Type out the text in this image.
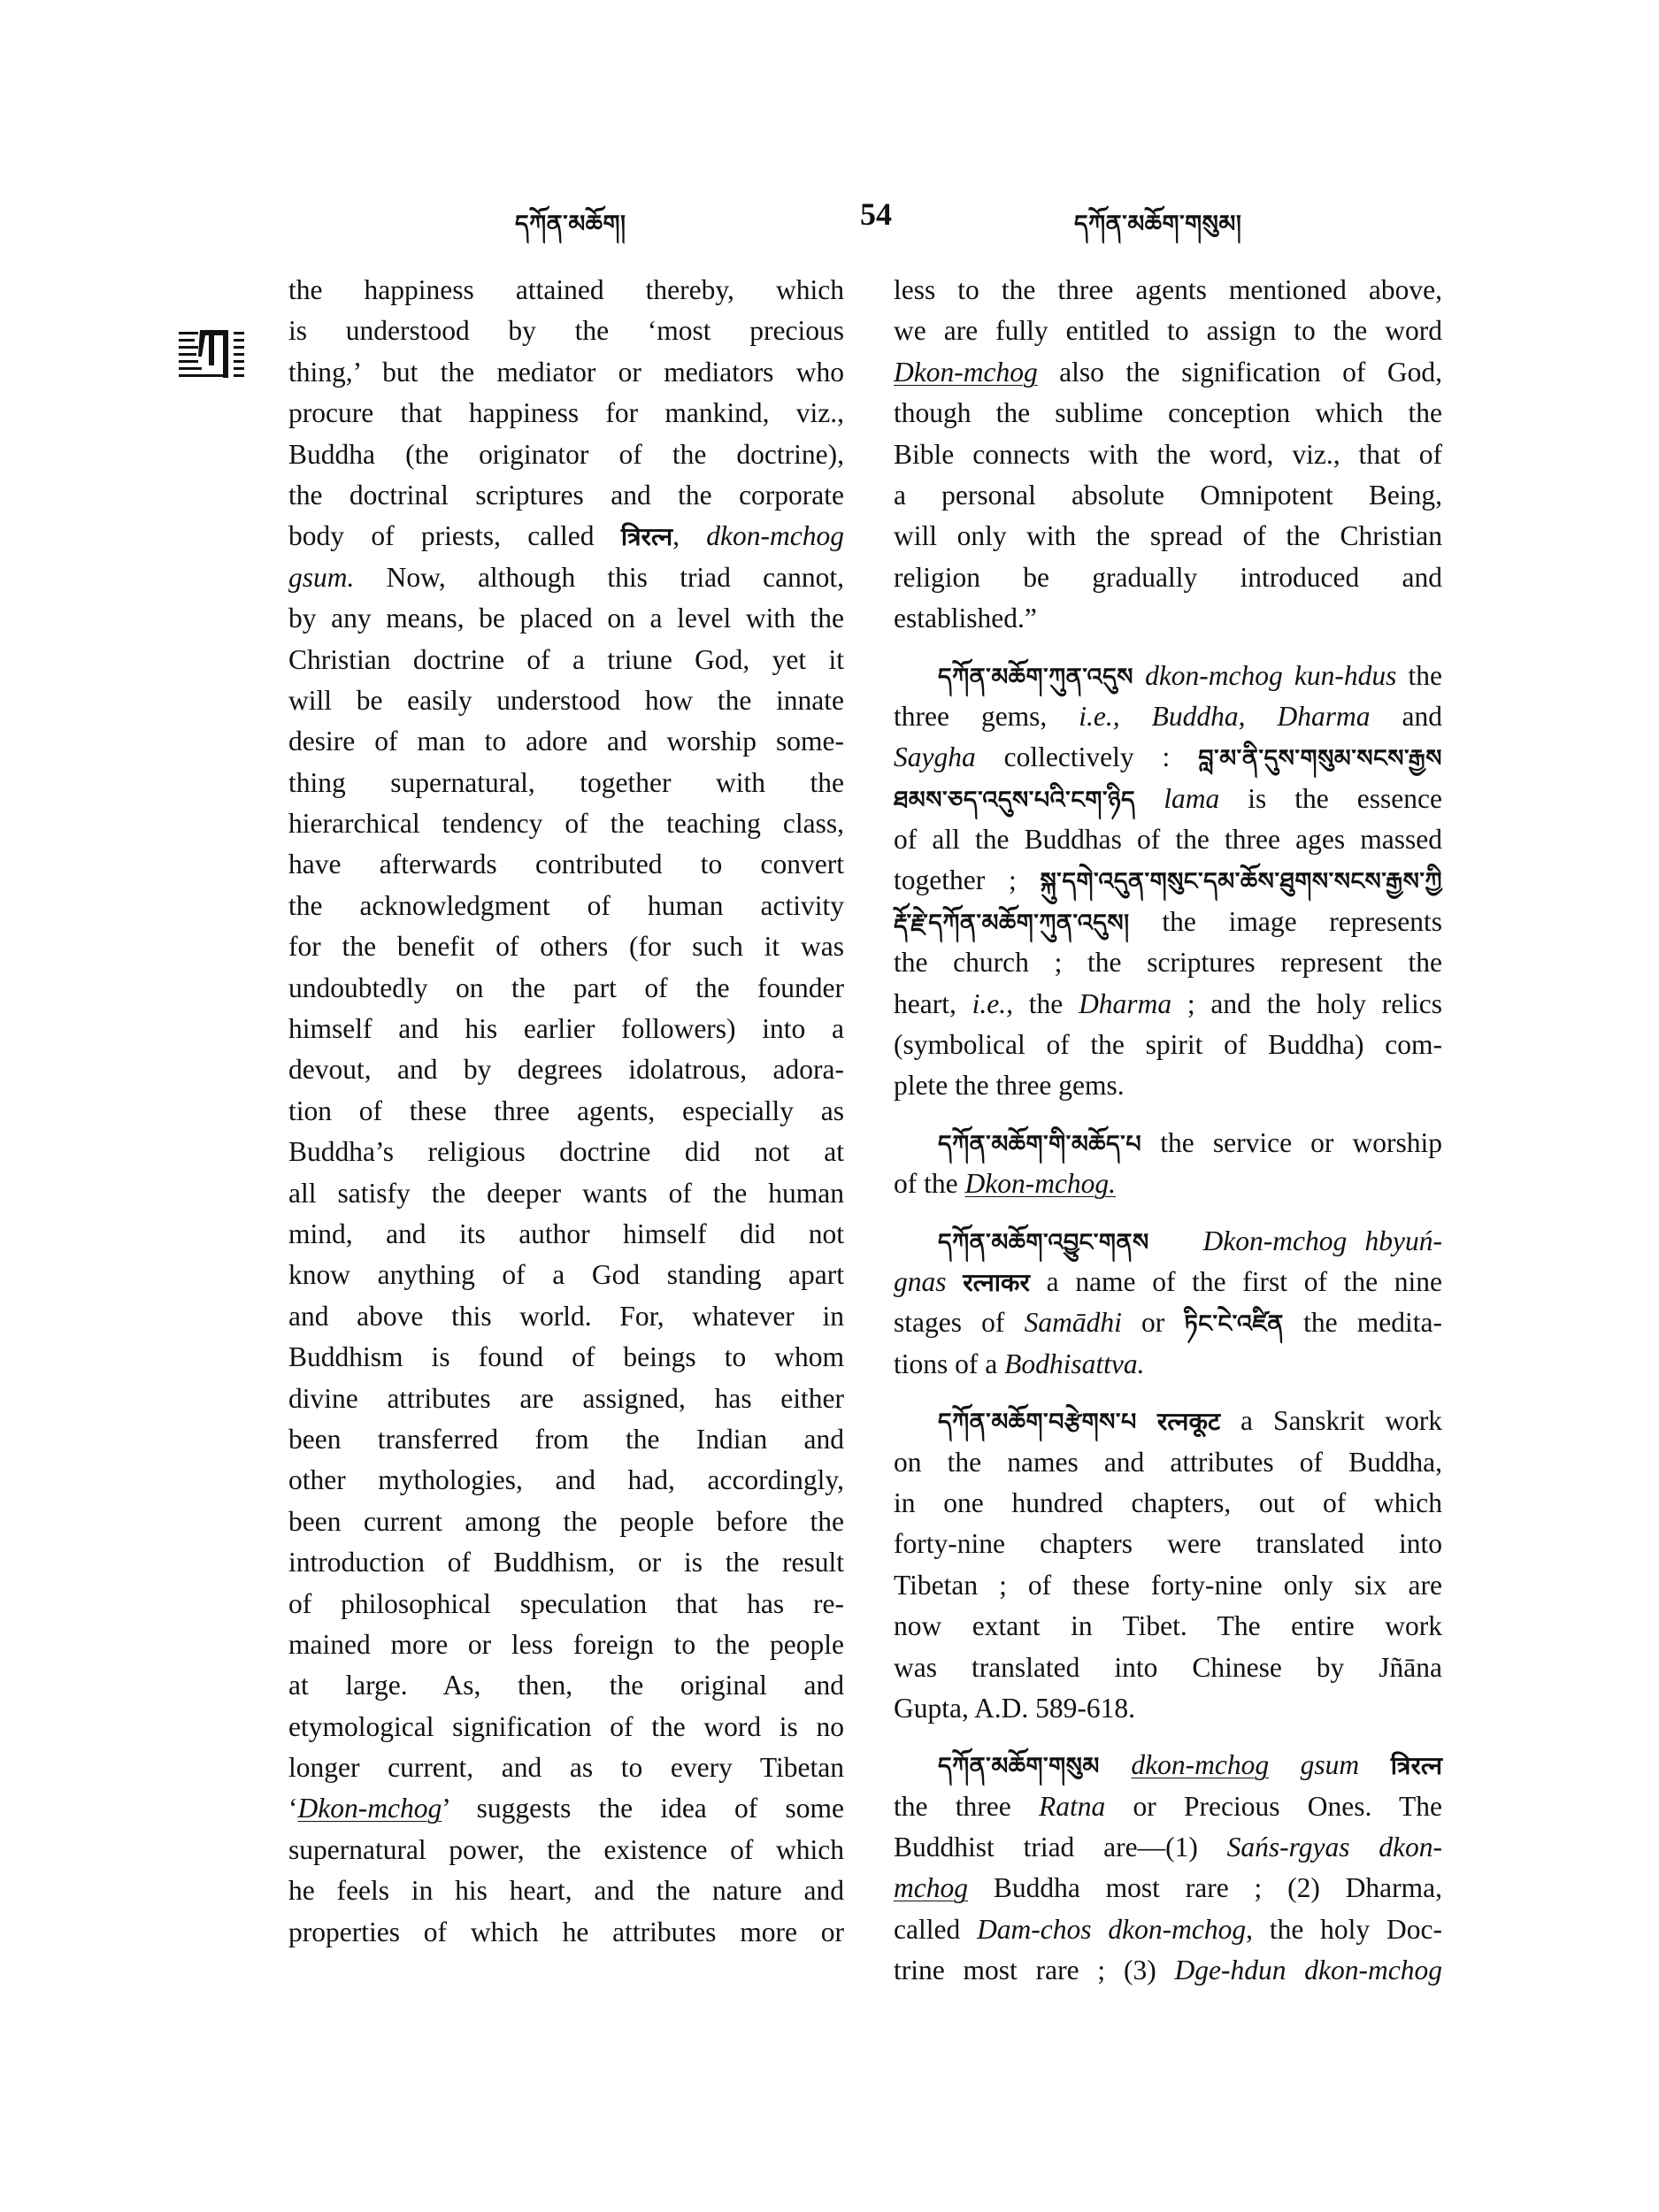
དཀོན་མཆོག།	54	དཀོན་མཆོག་གསུམ།
the happiness attained thereby, which
is understood by the ‘most precious
thing,’ but the mediator or mediators who
procure that happiness for mankind, viz.,
Buddha (the originator of the doctrine),
the doctrinal scriptures and the corporate
body of priests, called त्रिरत्न, dkon-mchog
gsum. Now, although this triad cannot,
by any means, be placed on a level with the
Christian doctrine of a triune God, yet it
will be easily understood how the innate
desire of man to adore and worship some-
thing supernatural, together with the
hierarchical tendency of the teaching class,
have afterwards contributed to convert
the acknowledgment of human activity
for the benefit of others (for such it was
undoubtedly on the part of the founder
himself and his earlier followers) into a
devout, and by degrees idolatrous, adora-
tion of these three agents, especially as
Buddha’s religious doctrine did not at
all satisfy the deeper wants of the human
mind, and its author himself did not
know anything of a God standing apart
and above this world. For, whatever in
Buddhism is found of beings to whom
divine attributes are assigned, has either
been transferred from the Indian and
other mythologies, and had, accordingly,
been current among the people before the
introduction of Buddhism, or is the result
of philosophical speculation that has re-
mained more or less foreign to the people
at large. As, then, the original and
etymological signification of the word is no
longer current, and as to every Tibetan
‘Dkon-mchog’ suggests the idea of some
supernatural power, the existence of which
he feels in his heart, and the nature and
properties of which he attributes more or
less to the three agents mentioned above,
we are fully entitled to assign to the word
Dkon-mchog also the signification of God,
though the sublime conception which the
Bible connects with the word, viz., that of
a personal absolute Omnipotent Being,
will only with the spread of the Christian
religion be gradually introduced and
established.”
དཀོན་མཆོག་ཀུན་འདུས dkon-mchog kun-hdus the
three gems, i.e., Buddha, Dharma and
Saygha collectively : བླ་མ་ནི་དུས་གསུམ་སངས་རྒྱས
ཐམས་ཅད་འདུས་པའི་ངག་ཉིད lama is the essence
of all the Buddhas of the three ages massed
together ; སྐུ་དགེ་འདུན་གསུང་དམ་ཆོས་ཐུགས་སངས་རྒྱས་ཀྱི
རྡོ་རྗེ་དཀོན་མཆོག་ཀུན་འདུས། the image represents
the church ; the scriptures represent the
heart, i.e., the Dharma ; and the holy relics
(symbolical of the spirit of Buddha) com-
plete the three gems.
དཀོན་མཆོག་གི་མཆོད་པ the service or worship
of the Dkon-mchog.
དཀོན་མཆོག་འབྱུང་གནས Dkon-mchog hbyuń-
gnas रत्नाकर a name of the first of the nine
stages of Samādhi or ཏིང་ངེ་འཛིན the medita-
tions of a Bodhisattva.
དཀོན་མཆོག་བརྩེགས་པ रत्नकूट a Sanskrit work
on the names and attributes of Buddha,
in one hundred chapters, out of which
forty-nine chapters were translated into
Tibetan ; of these forty-nine only six are
now extant in Tibet. The entire work
was translated into Chinese by Jñāna
Gupta, A.D. 589-618.
དཀོན་མཆོག་གསུམ dkon-mchog gsum त्रिरत्न
the three Ratna or Precious Ones. The
Buddhist triad are—(1) Sańs-rgyas dkon-
mchog Buddha most rare ; (2) Dharma,
called Dam-chos dkon-mchog, the holy Doc-
trine most rare ; (3) Dge-hdun dkon-mchog
